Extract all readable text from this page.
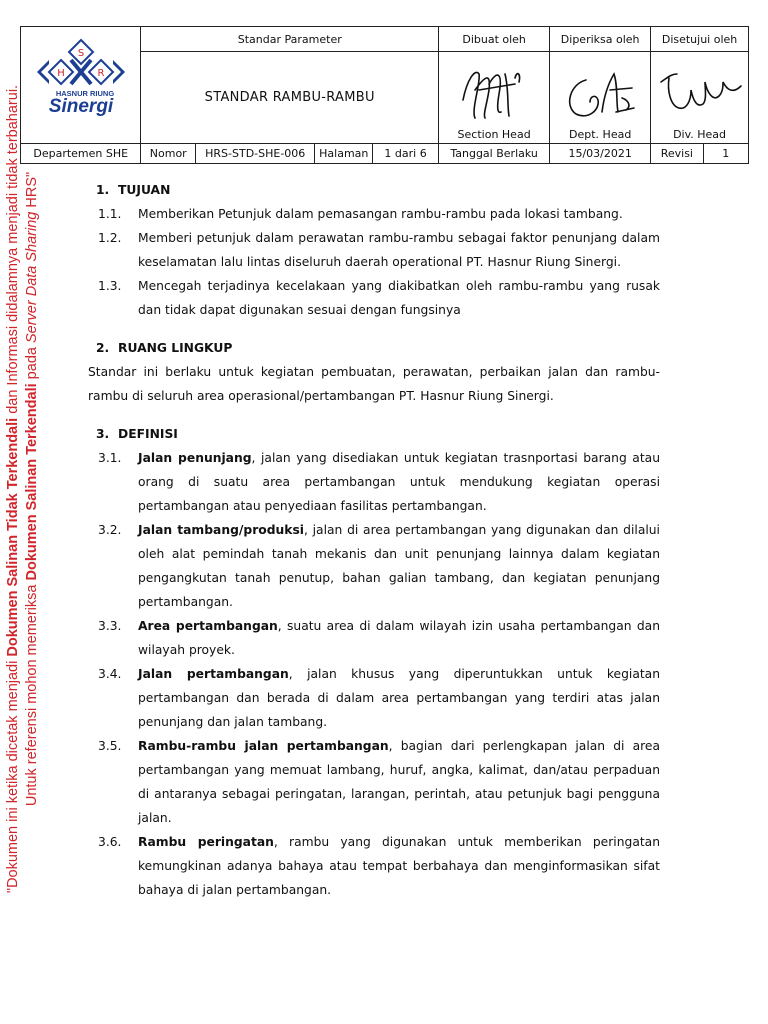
S
H R
HASNUR RIUNG
Sinergi	Standar Parameter				Dibuat oleh	Diperiksa oleh	Disetujui oleh	
	STANDAR RAMBU-RAMBU				Section Head	Dept. Head	Div. Head	

Departemen SHE	Nomor	HRS-STD-SHE-006	Halaman	1 dari 6	Tanggal Berlaku	15/03/2021	Revisi	1
"Dokumen ini ketika dicetak menjadi Dokumen Salinan Tidak Terkendali dan Informasi didalamnya menjadi tidak terbaharui.
Untuk referensi mohon memeriksa Dokumen Salinan Terkendali pada Server Data Sharing HRS"	1. TUJUAN
1.1.	Memberikan Petunjuk dalam pemasangan rambu-rambu pada lokasi tambang.
1.2.	Memberi petunjuk dalam perawatan rambu-rambu sebagai faktor penunjang dalam keselamatan lalu lintas diseluruh daerah operational PT. Hasnur Riung Sinergi.
1.3.	Mencegah terjadinya kecelakaan yang diakibatkan oleh rambu-rambu yang rusak dan tidak dapat digunakan sesuai dengan fungsinya
2. RUANG LINGKUP
Standar ini berlaku untuk kegiatan pembuatan, perawatan, perbaikan jalan dan rambu-rambu di seluruh area operasional/pertambangan PT. Hasnur Riung Sinergi.
3. DEFINISI
3.1.	Jalan penunjang, jalan yang disediakan untuk kegiatan trasnportasi barang atau orang di suatu area pertambangan untuk mendukung kegiatan operasi pertambangan atau penyediaan fasilitas pertambangan.
3.2.	Jalan tambang/produksi, jalan di area pertambangan yang digunakan dan dilalui oleh alat pemindah tanah mekanis dan unit penunjang lainnya dalam kegiatan pengangkutan tanah penutup, bahan galian tambang, dan kegiatan penunjang pertambangan.
3.3.	Area pertambangan, suatu area di dalam wilayah izin usaha pertambangan dan wilayah proyek.
3.4.	Jalan pertambangan, jalan khusus yang diperuntukkan untuk kegiatan pertambangan dan berada di dalam area pertambangan yang terdiri atas jalan penunjang dan jalan tambang.
3.5.	Rambu-rambu jalan pertambangan, bagian dari perlengkapan jalan di area pertambangan yang memuat lambang, huruf, angka, kalimat, dan/atau perpaduan di antaranya sebagai peringatan, larangan, perintah, atau petunjuk bagi pengguna jalan.
3.6.	Rambu peringatan, rambu yang digunakan untuk memberikan peringatan kemungkinan adanya bahaya atau tempat berbahaya dan menginformasikan sifat bahaya di jalan pertambangan.
